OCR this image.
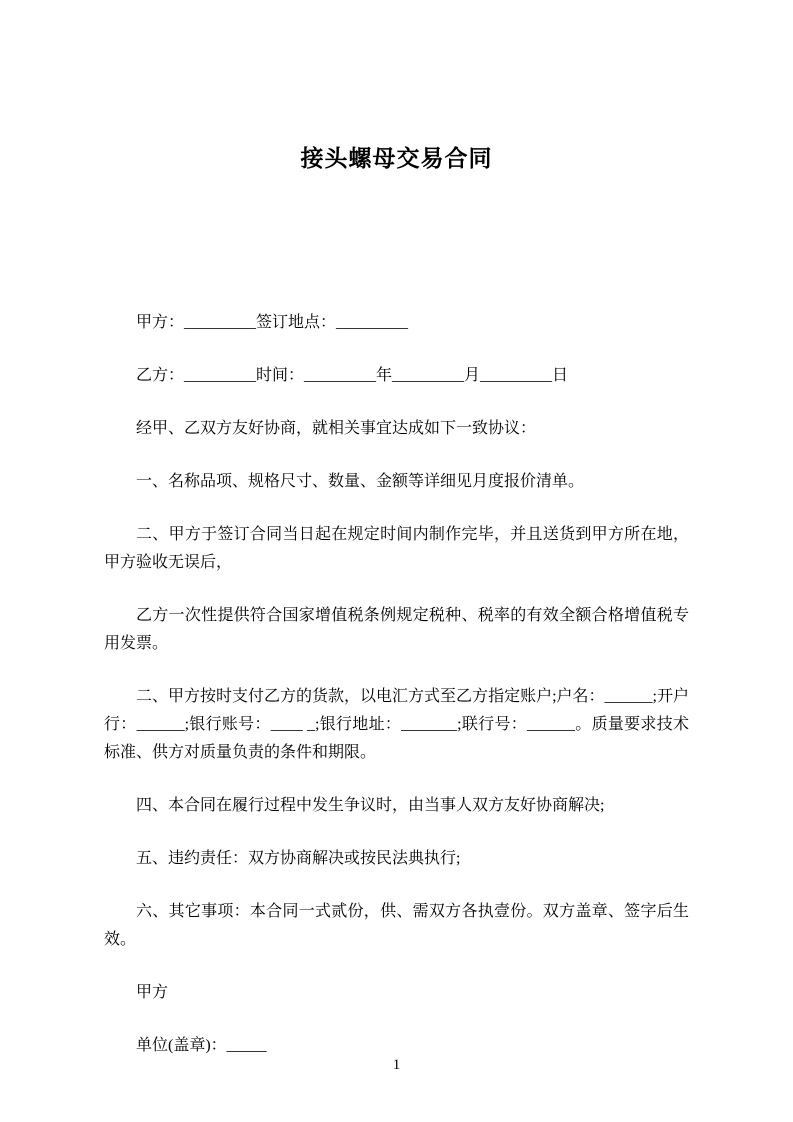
接头螺母交易合同

甲方：_________签订地点：_________

乙方：_________时间：_________年_________月_________日

经甲、乙双方友好协商，就相关事宜达成如下一致协议：

一、名称品项、规格尺寸、数量、金额等详细见月度报价清单。

二、甲方于签订合同当日起在规定时间内制作完毕，并且送货到甲方所在地，甲方验收无误后，

乙方一次性提供符合国家增值税条例规定税种、税率的有效全额合格增值税专用发票。

二、甲方按时支付乙方的货款，以电汇方式至乙方指定账户;户名：______;开户行：______;银行账号：____ _;银行地址：_______;联行号：______。质量要求技术标准、供方对质量负责的条件和期限。

四、本合同在履行过程中发生争议时，由当事人双方友好协商解决;

五、违约责任：双方协商解决或按民法典执行;

六、其它事项：本合同一式贰份，供、需双方各执壹份。双方盖章、签字后生效。

甲方

单位(盖章)：_____

1
